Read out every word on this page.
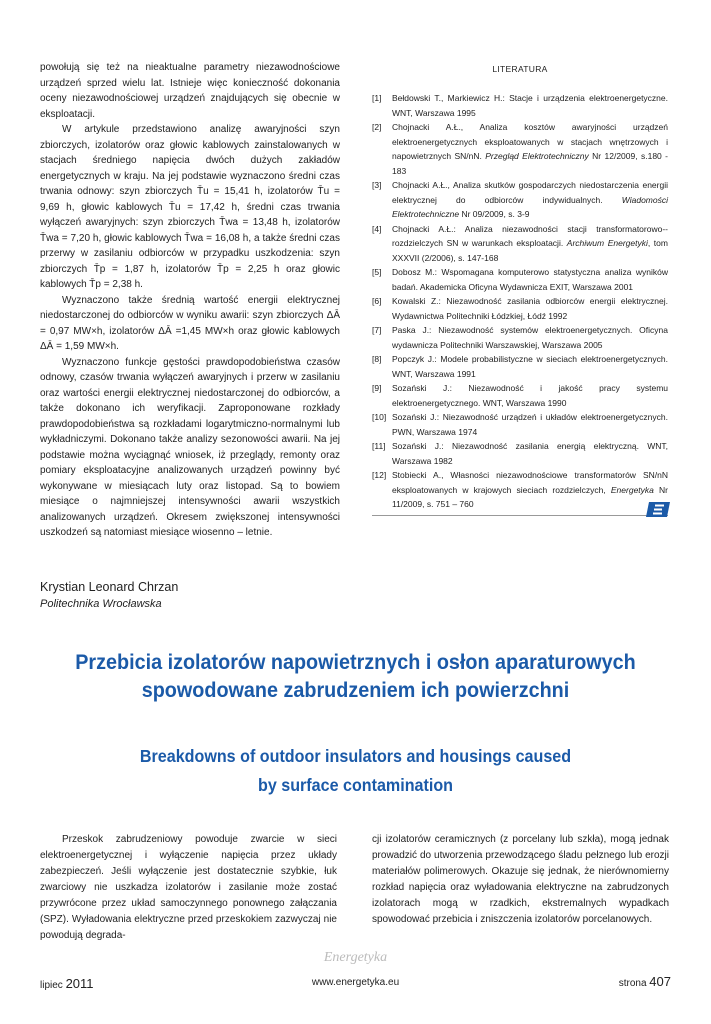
powołują się też na nieaktualne parametry niezawodnościowe urządzeń sprzed wielu lat. Istnieje więc konieczność dokonania oceny niezawodnościowej urządzeń znajdujących się obecnie w eksploatacji.

W artykule przedstawiono analizę awaryjności szyn zbiorczych, izolatorów oraz głowic kablowych zainstalowanych w stacjach średniego napięcia dwóch dużych zakładów energetycznych w kraju. Na jej podstawie wyznaczono średni czas trwania odnowy: szyn zbiorczych T̄u = 15,41 h, izolatorów T̄u = 9,69 h, głowic kablowych T̄u = 17,42 h, średni czas trwania wyłączeń awaryjnych: szyn zbiorczych T̄wa = 13,48 h, izolatorów T̄wa = 7,20 h, głowic kablowych T̄wa = 16,08 h, a także średni czas przerwy w zasilaniu odbiorców w przypadku uszkodzenia: szyn zbiorczych T̄p = 1,87 h, izolatorów T̄p = 2,25 h oraz głowic kablowych T̄p = 2,38 h.

Wyznaczono także średnią wartość energii elektrycznej niedostarczonej do odbiorców w wyniku awarii: szyn zbiorczych ΔĀ = 0,97 MW×h, izolatorów ΔĀ =1,45 MW×h oraz głowic kablowych ΔĀ = 1,59 MW×h.

Wyznaczono funkcje gęstości prawdopodobieństwa czasów odnowy, czasów trwania wyłączeń awaryjnych i przerw w zasilaniu oraz wartości energii elektrycznej niedostarczonej do odbiorców, a także dokonano ich weryfikacji. Zaproponowane rozkłady prawdopodobieństwa są rozkładami logarytmiczno-normalnymi lub wykładniczymi. Dokonano także analizy sezonowości awarii. Na jej podstawie można wyciągnąć wniosek, iż przeglądy, remonty oraz pomiary eksploatacyjne analizowanych urządzeń powinny być wykonywane w miesiącach luty oraz listopad. Są to bowiem miesiące o najmniejszej intensywności awarii wszystkich analizowanych urządzeń. Okresem zwiększonej intensywności uszkodzeń są natomiast miesiące wiosenno – letnie.

LITERATURA
[1]	Bełdowski T., Markiewicz H.: Stacje i urządzenia elektroenergetyczne. WNT, Warszawa 1995
[2]	Chojnacki A.Ł., Analiza kosztów awaryjności urządzeń elektroenergetycznych eksploatowanych w stacjach wnętrzowych i napowietrznych SN/nN. Przegląd Elektrotechniczny Nr 12/2009, s.180 - 183
[3]	Chojnacki A.Ł., Analiza skutków gospodarczych niedostarczenia energii elektrycznej do odbiorców indywidualnych. Wiadomości Elektrotechniczne Nr 09/2009, s. 3-9
[4]	Chojnacki A.Ł.: Analiza niezawodności stacji transformatorowo--rozdzielczych SN w warunkach eksploatacji. Archiwum Energetyki, tom XXXVII (2/2006), s. 147-168
[5]	Dobosz M.: Wspomagana komputerowo statystyczna analiza wyników badań. Akademicka Oficyna Wydawnicza EXIT, Warszawa 2001
[6]	Kowalski Z.: Niezawodność zasilania odbiorców energii elektrycznej. Wydawnictwa Politechniki Łódzkiej, Łódź 1992
[7]	Paska J.: Niezawodność systemów elektroenergetycznych. Oficyna wydawnicza Politechniki Warszawskiej, Warszawa 2005
[8]	Popczyk J.: Modele probabilistyczne w sieciach elektroenergetycznych. WNT, Warszawa 1991
[9]	Sozański J.: Niezawodność i jakość pracy systemu elektroenergetycznego. WNT, Warszawa 1990
[10] Sozański J.: Niezawodność urządzeń i układów elektroenergetycznych. PWN, Warszawa 1974
[11] Sozański J.: Niezawodność zasilania energią elektryczną. WNT, Warszawa 1982
[12] Stobiecki A., Własności niezawodnościowe transformatorów SN/nN eksploatowanych w krajowych sieciach rozdzielczych, Energetyka Nr 11/2009, s. 751 – 760
Krystian Leonard Chrzan
Politechnika Wrocławska
Przebicia izolatorów napowietrznych i osłon aparaturowych
spowodowane zabrudzeniem ich powierzchni
Breakdowns of outdoor insulators and housings caused
by surface contamination
Przeskok zabrudzeniowy powoduje zwarcie w sieci elektroenergetycznej i wyłączenie napięcia przez układy zabezpieczeń. Jeśli wyłączenie jest dostatecznie szybkie, łuk zwarciowy nie uszkadza izolatorów i zasilanie może zostać przywrócone przez układ samoczynnego ponownego załączania (SPZ). Wyładowania elektryczne przed przeskokiem zazwyczaj nie powodują degrada-
cji izolatorów ceramicznych (z porcelany lub szkła), mogą jednak prowadzić do utworzenia przewodzącego śladu pełznego lub erozji materiałów polimerowych. Okazuje się jednak, że nierównomierny rozkład napięcia oraz wyładowania elektryczne na zabrudzonych izolatorach mogą w rzadkich, ekstremalnych wypadkach spowodować przebicia i zniszczenia izolatorów porcelanowych.
Energetyka
lipiec 2011	www.energetyka.eu	strona 407
